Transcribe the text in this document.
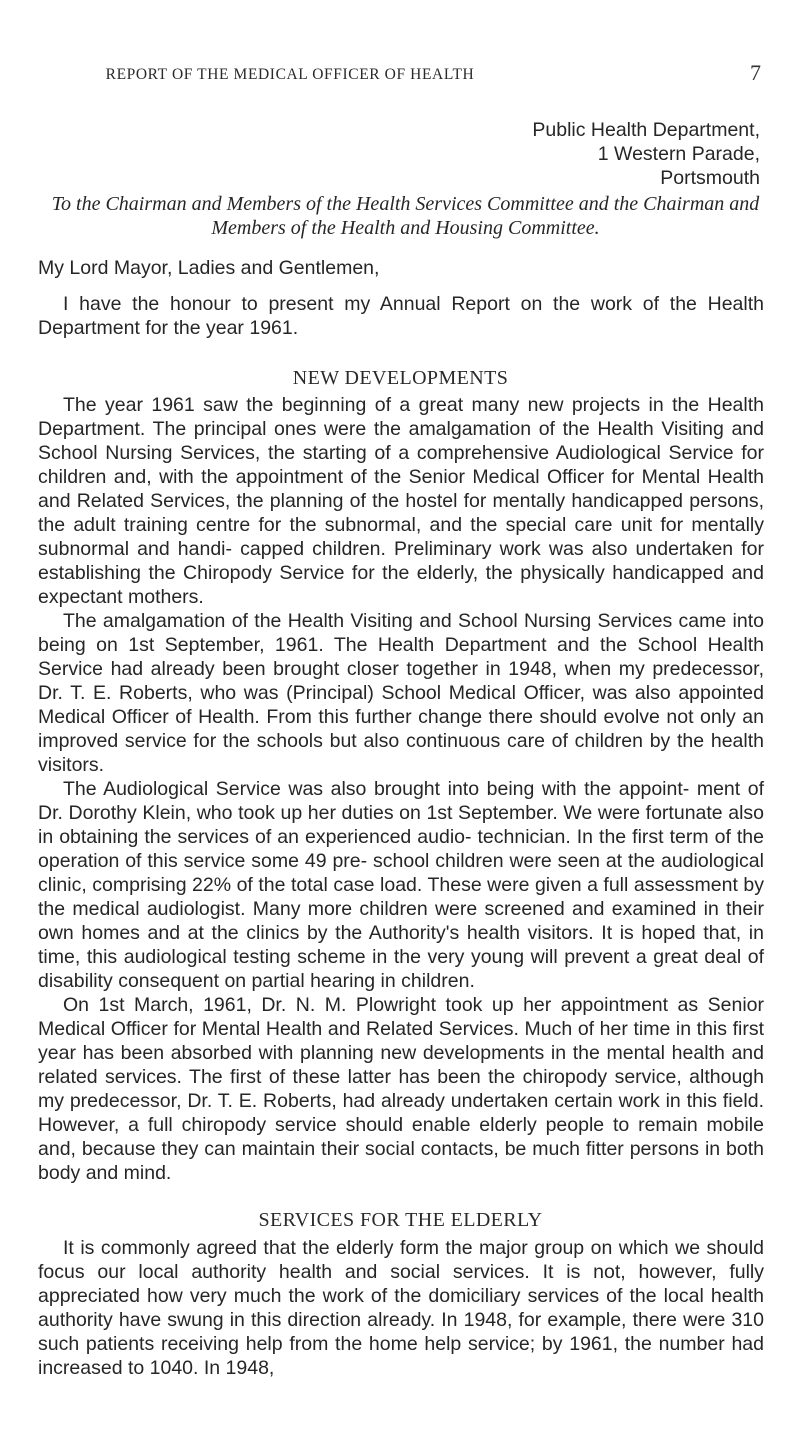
REPORT OF THE MEDICAL OFFICER OF HEALTH	7
Public Health Department,
1 Western Parade,
Portsmouth
To the Chairman and Members of the Health Services Committee and the Chairman and Members of the Health and Housing Committee.

My Lord Mayor, Ladies and Gentlemen,

I have the honour to present my Annual Report on the work of the Health Department for the year 1961.

NEW DEVELOPMENTS

The year 1961 saw the beginning of a great many new projects in the Health Department. The principal ones were the amalgamation of the Health Visiting and School Nursing Services, the starting of a comprehensive Audiological Service for children and, with the appointment of the Senior Medical Officer for Mental Health and Related Services, the planning of the hostel for mentally handicapped persons, the adult training centre for the subnormal, and the special care unit for mentally subnormal and handi- capped children. Preliminary work was also undertaken for establishing the Chiropody Service for the elderly, the physically handicapped and expectant mothers.

The amalgamation of the Health Visiting and School Nursing Services came into being on 1st September, 1961. The Health Department and the School Health Service had already been brought closer together in 1948, when my predecessor, Dr. T. E. Roberts, who was (Principal) School Medical Officer, was also appointed Medical Officer of Health. From this further change there should evolve not only an improved service for the schools but also continuous care of children by the health visitors.

The Audiological Service was also brought into being with the appoint- ment of Dr. Dorothy Klein, who took up her duties on 1st September. We were fortunate also in obtaining the services of an experienced audio- technician. In the first term of the operation of this service some 49 pre- school children were seen at the audiological clinic, comprising 22% of the total case load. These were given a full assessment by the medical audiologist. Many more children were screened and examined in their own homes and at the clinics by the Authority's health visitors. It is hoped that, in time, this audiological testing scheme in the very young will prevent a great deal of disability consequent on partial hearing in children.

On 1st March, 1961, Dr. N. M. Plowright took up her appointment as Senior Medical Officer for Mental Health and Related Services. Much of her time in this first year has been absorbed with planning new developments in the mental health and related services. The first of these latter has been the chiropody service, although my predecessor, Dr. T. E. Roberts, had already undertaken certain work in this field. However, a full chiropody service should enable elderly people to remain mobile and, because they can maintain their social contacts, be much fitter persons in both body and mind.

SERVICES FOR THE ELDERLY

It is commonly agreed that the elderly form the major group on which we should focus our local authority health and social services. It is not, however, fully appreciated how very much the work of the domiciliary services of the local health authority have swung in this direction already. In 1948, for example, there were 310 such patients receiving help from the home help service; by 1961, the number had increased to 1040. In 1948,
